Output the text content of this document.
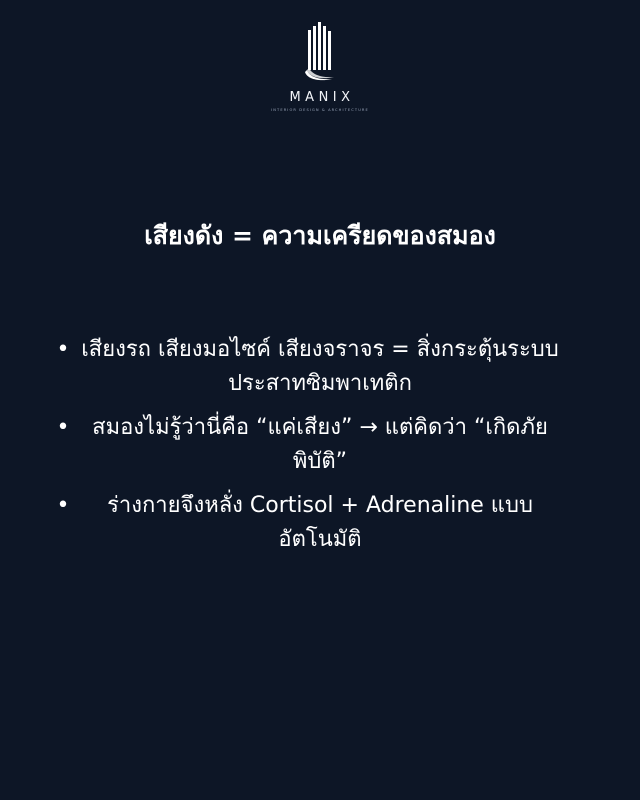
MANIX
INTERIOR DESIGN & ARCHITECTURE
เสียงดัง = ความเครียดของสมอง
• เสียงรถ เสียงมอไซค์ เสียงจราจร = สิ่งกระตุ้นระบบประสาทซิมพาเทติก
•	สมองไม่รู้ว่านี่คือ “แค่เสียง” → แต่คิดว่า “เกิดภัยพิบัติ”
•	ร่างกายจึงหลั่ง Cortisol + Adrenaline แบบอัตโนมัติ
